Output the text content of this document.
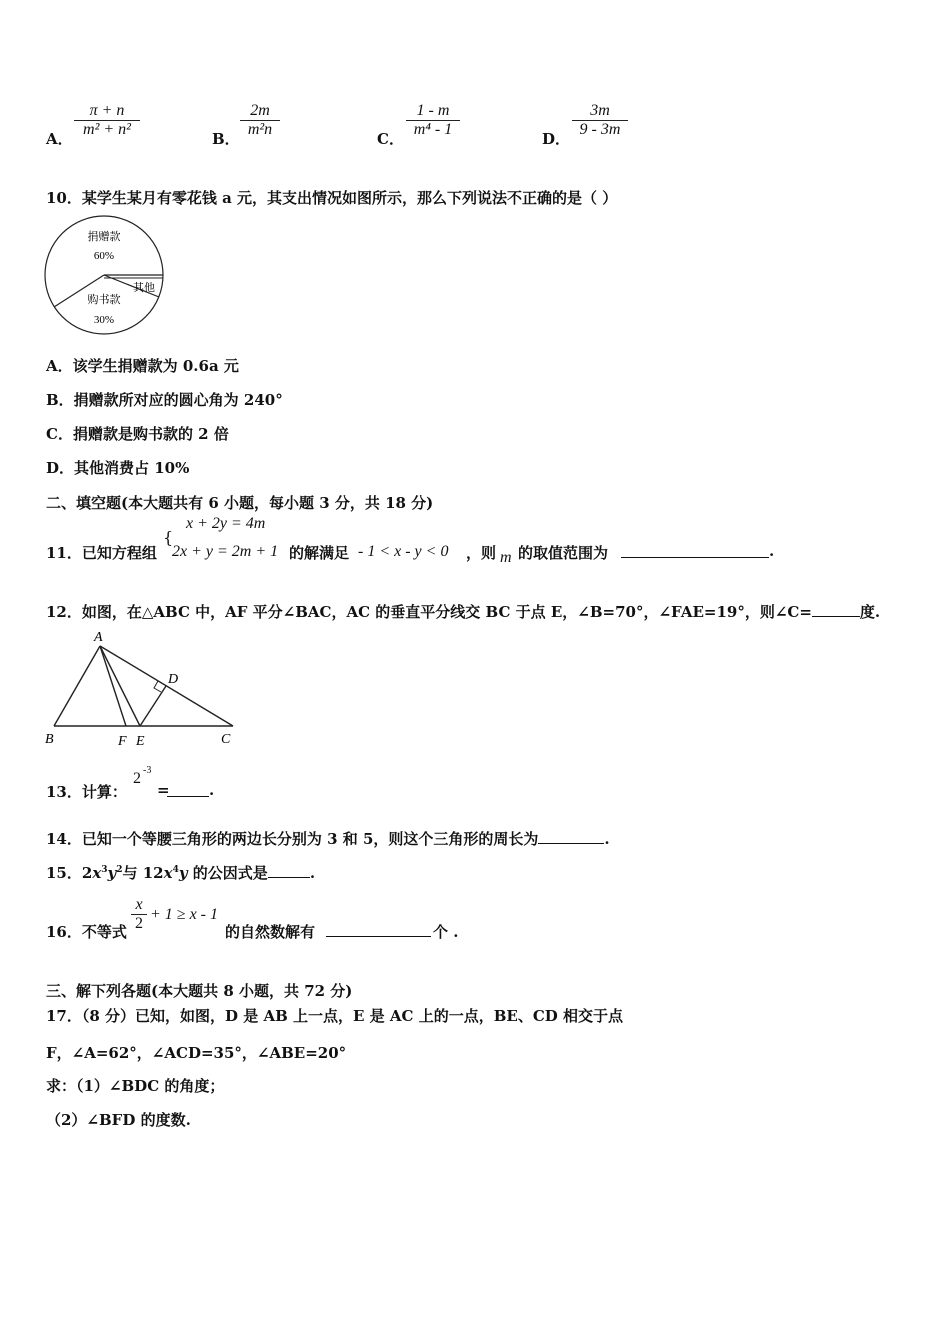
A． $\frac{\pi + n}{\text{m² + n²}}$	B． $\frac{2m}{\text{m²n}}$	C． $\frac{1 - m}{\text{m⁴ - 1}}$	D． $\frac{3m}{9 - 3m}$
10．某学生某月有零花钱 a 元，其支出情况如图所示，那么下列说法不正确的是（ ）
捐赠款
60%
其他
购书款
30%
A．该学生捐赠款为 0.6a 元
B．捐赠款所对应的圆心角为 240°
C．捐赠款是购书款的 2 倍
D．其他消费占 10%
二、填空题(本大题共有 6 小题，每小题 3 分，共 18 分)
11．已知方程组
{
x + 2y = 4m
2x + y = 2m + 1 的解满足 - 1 < x - y < 0 ，则 m 的取值范围为	.
12．如图，在△ABC 中，AF 平分∠BAC，AC 的垂直平分线交 BC 于点 E，∠B=70°，∠FAE=19°，则∠C=	度.
A
B	C
D
E
F
13．计算：
2 -3
=	.
14．已知一个等腰三角形的两边长分别为 3 和 5，则这个三角形的周长为	.
15．$2x^3y^2$与 $12x^4y$ 的公因式是	.
16．不等式 $\frac{x}{2} + 1 \ge x - 1$
的自然数解有	个 .
三、解下列各题(本大题共 8 小题，共 72 分)
17．（8 分）已知，如图，D 是 AB 上一点，E 是 AC 上的一点，BE、CD 相交于点
F，∠A=62°，∠ACD=35°，∠ABE=20°
求：（1）∠BDC 的角度；
（2）∠BFD 的度数.
